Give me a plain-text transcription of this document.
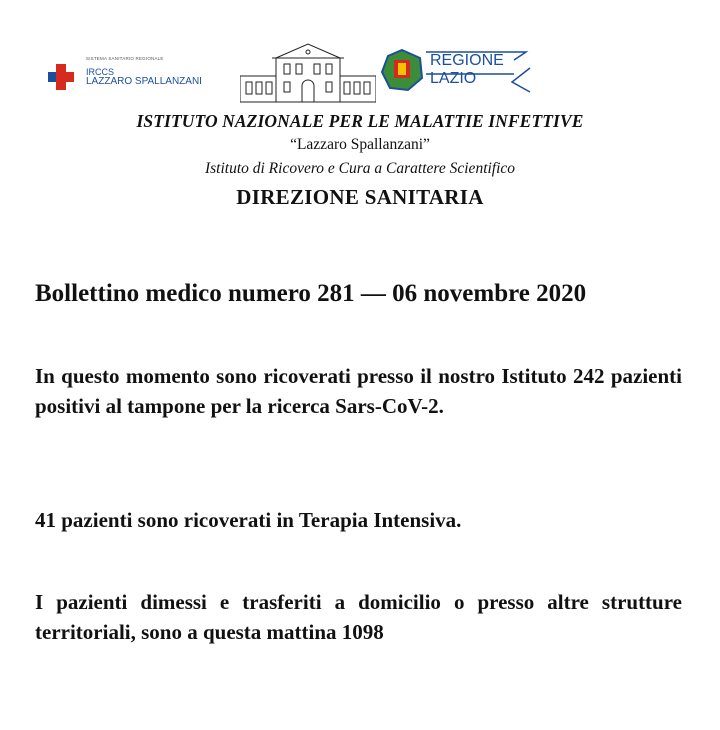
SISTEMA SANITARIO REGIONALE
IRCCS
LAZZARO SPALLANZANI
REGIONE
LAZIO
ISTITUTO NAZIONALE PER LE MALATTIE INFETTIVE
“Lazzaro Spallanzani”
Istituto di Ricovero e Cura a Carattere Scientifico
DIREZIONE SANITARIA
Bollettino medico numero 281 — 06 novembre 2020
In questo momento sono ricoverati presso il nostro Istituto 242 pazienti positivi al tampone per la ricerca Sars-CoV-2.
41 pazienti sono ricoverati in Terapia Intensiva.
I pazienti dimessi e trasferiti a domicilio o presso altre strutture territoriali, sono a questa mattina 1098
